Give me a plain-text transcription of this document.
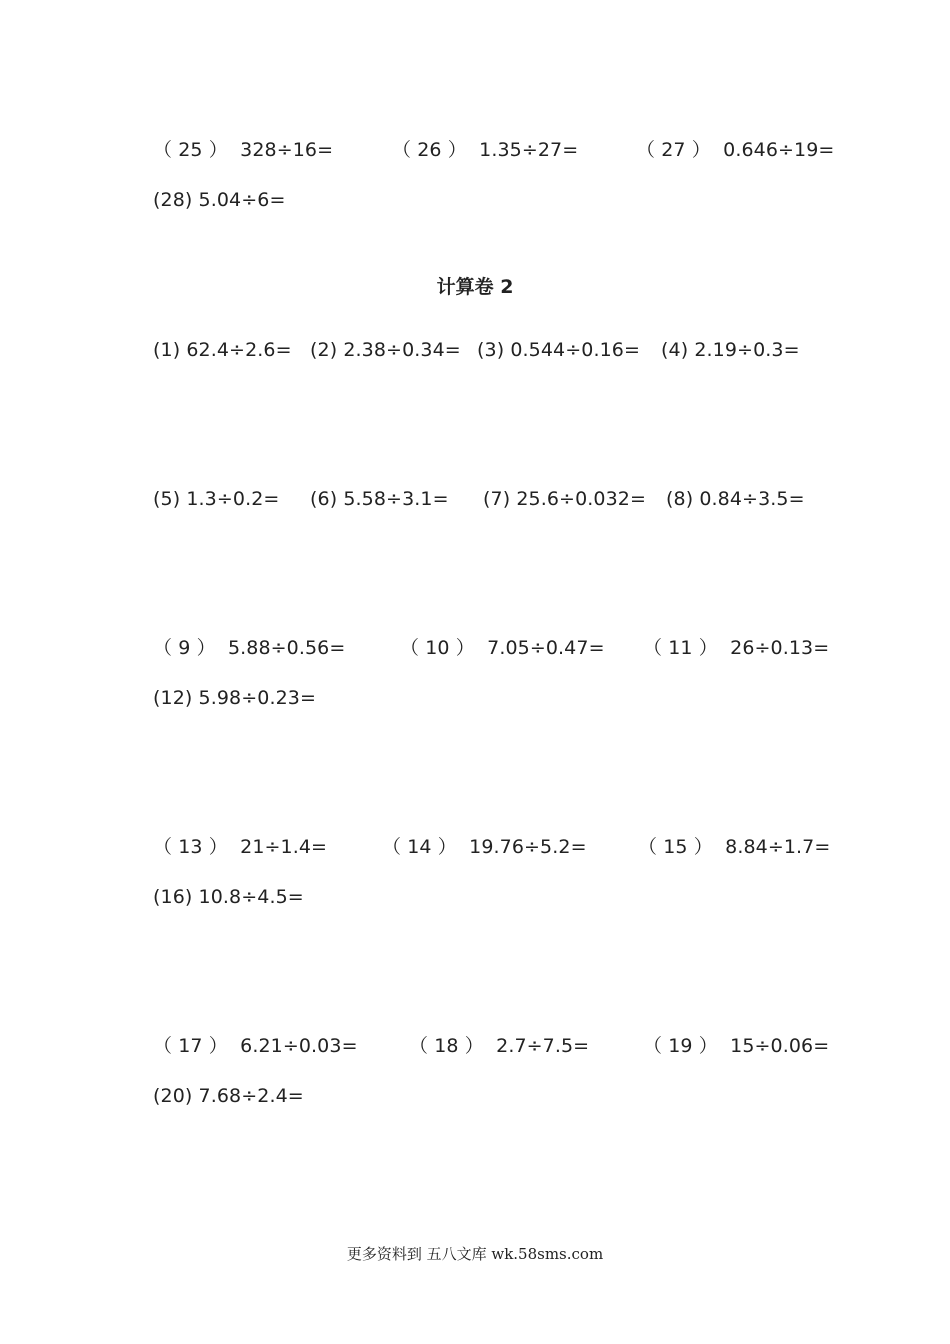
（ 25 ）  328÷16=	（ 26 ）  1.35÷27=	（ 27 ）  0.646÷19=
(28) 5.04÷6=
计算卷 2
(1) 62.4÷2.6= (2) 2.38÷0.34= (3) 0.544÷0.16= (4) 2.19÷0.3=
(5) 1.3÷0.2= (6) 5.58÷3.1= (7) 25.6÷0.032= (8) 0.84÷3.5=
（ 9 ）  5.88÷0.56=	（ 10 ）  7.05÷0.47= （ 11 ）  26÷0.13=
(12) 5.98÷0.23=
（ 13 ）  21÷1.4=	（ 14 ）  19.76÷5.2=	（ 15 ）  8.84÷1.7=
(16) 10.8÷4.5=
（ 17 ）  6.21÷0.03=	（ 18 ）  2.7÷7.5=	（ 19 ）  15÷0.06=
(20) 7.68÷2.4=
更多资料到 五八文库 wk.58sms.com
